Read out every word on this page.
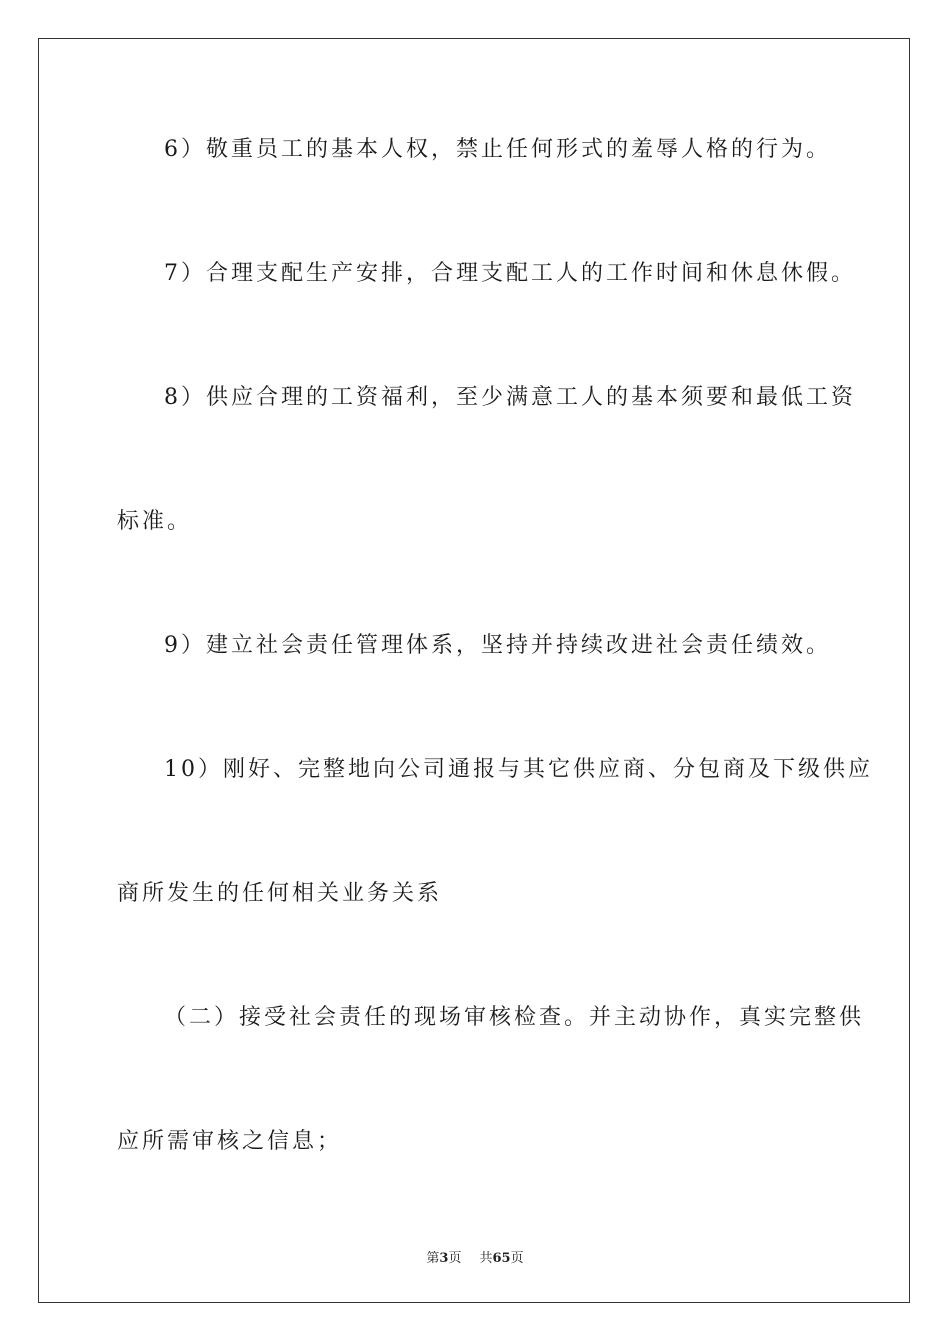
6）敬重员工的基本人权，禁止任何形式的羞辱人格的行为。
7）合理支配生产安排，合理支配工人的工作时间和休息休假。
8）供应合理的工资福利，至少满意工人的基本须要和最低工资
标准。
9）建立社会责任管理体系，坚持并持续改进社会责任绩效。
10）刚好、完整地向公司通报与其它供应商、分包商及下级供应
商所发生的任何相关业务关系
（二）接受社会责任的现场审核检查。并主动协作，真实完整供
应所需审核之信息；
第3页 共65页
